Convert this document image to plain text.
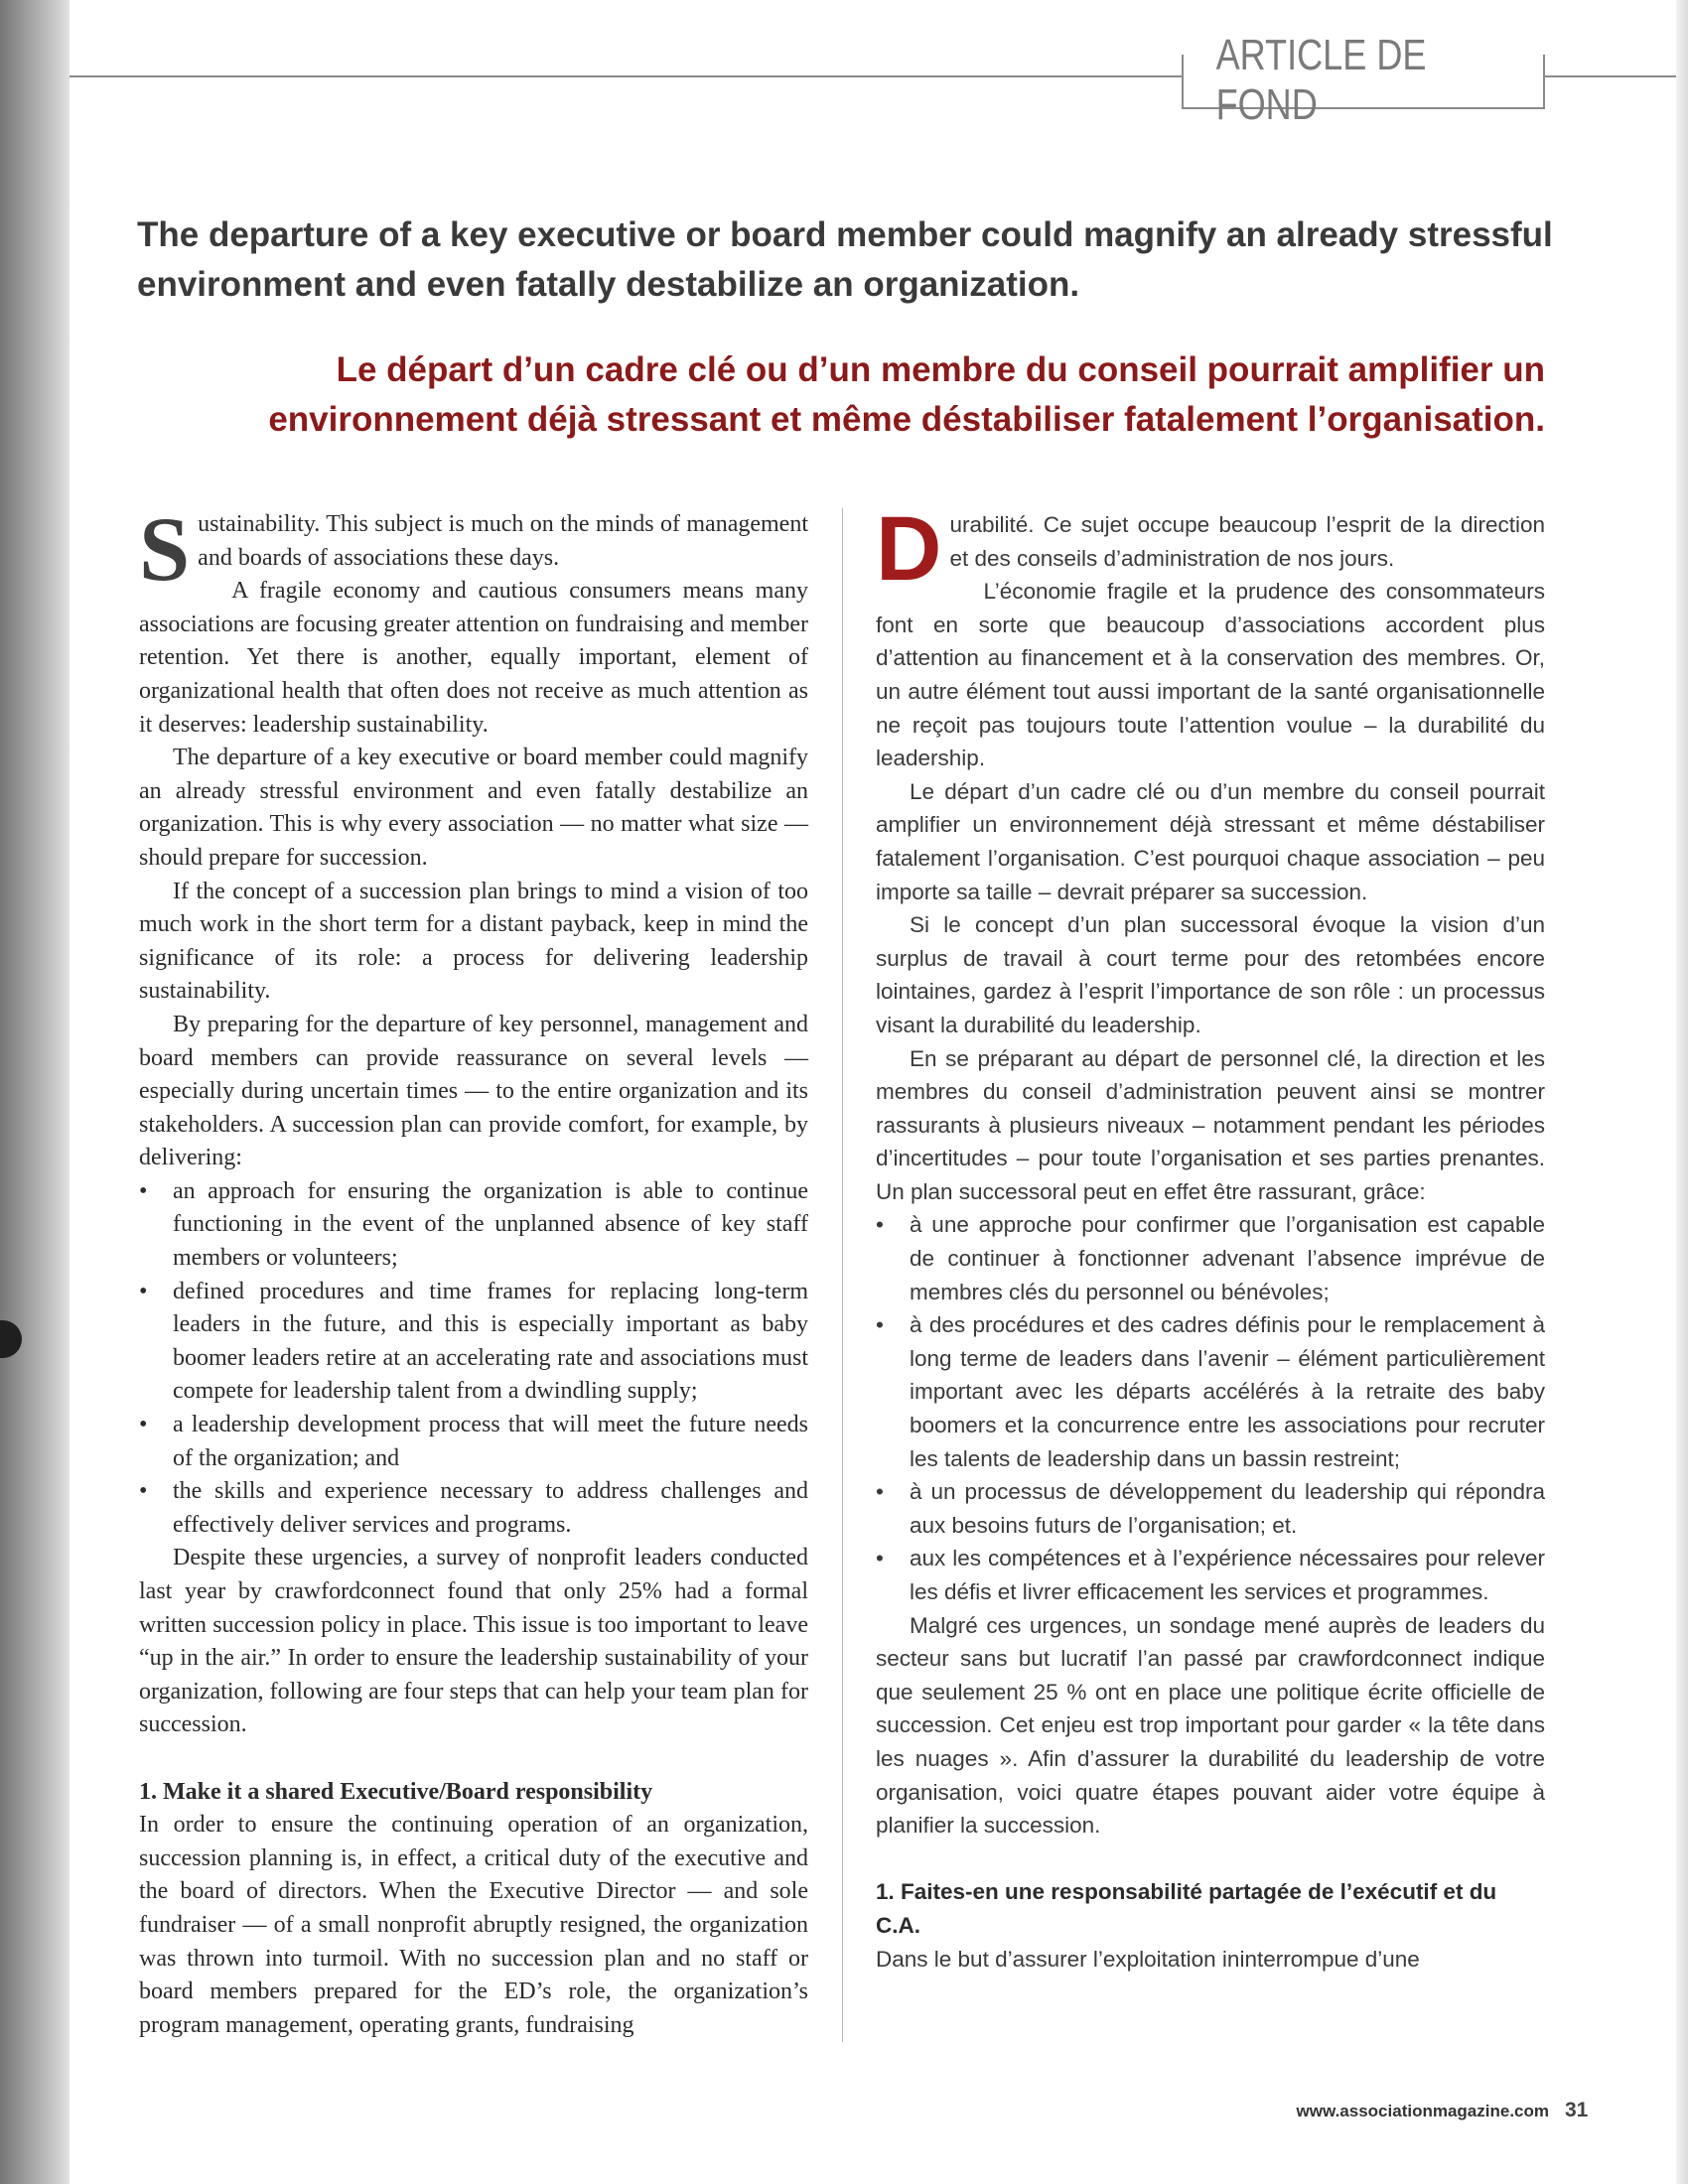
ARTICLE DE FOND
The departure of a key executive or board member could magnify an already stressful environment and even fatally destabilize an organization.
Le départ d’un cadre clé ou d’un membre du conseil pourrait amplifier un environnement déjà stressant et même déstabiliser fatalement l’organisation.

Sustainability. This subject is much on the minds of management and boards of associations these days.

A fragile economy and cautious consumers means many associations are focusing greater attention on fundraising and member retention. Yet there is another, equally important, element of organizational health that often does not receive as much attention as it deserves: leadership sustainability.

The departure of a key executive or board member could magnify an already stressful environment and even fatally destabilize an organization. This is why every association — no matter what size — should prepare for succession.

If the concept of a succession plan brings to mind a vision of too much work in the short term for a distant payback, keep in mind the significance of its role: a process for delivering leadership sustainability.

By preparing for the departure of key personnel, management and board members can provide reassurance on several levels — especially during uncertain times — to the entire organization and its stakeholders. A succession plan can provide comfort, for example, by delivering:

• an approach for ensuring the organization is able to continue functioning in the event of the unplanned absence of key staff members or volunteers;
• defined procedures and time frames for replacing long-term leaders in the future, and this is especially important as baby boomer leaders retire at an accelerating rate and associations must compete for leadership talent from a dwindling supply;
• a leadership development process that will meet the future needs of the organization; and
• the skills and experience necessary to address challenges and effectively deliver services and programs.

Despite these urgencies, a survey of nonprofit leaders conducted last year by crawfordconnect found that only 25% had a formal written succession policy in place. This issue is too important to leave “up in the air.” In order to ensure the leadership sustainability of your organization, following are four steps that can help your team plan for succession.

1. Make it a shared Executive/Board responsibility

In order to ensure the continuing operation of an organization, succession planning is, in effect, a critical duty of the executive and the board of directors. When the Executive Director — and sole fundraiser — of a small nonprofit abruptly resigned, the organization was thrown into turmoil. With no succession plan and no staff or board members prepared for the ED’s role, the organization’s program management, operating grants, fundraising

Durabilité. Ce sujet occupe beaucoup l’esprit de la direction et des conseils d’administration de nos jours.

L’économie fragile et la prudence des consommateurs font en sorte que beaucoup d’associations accordent plus d’attention au financement et à la conservation des membres. Or, un autre élément tout aussi important de la santé organisationnelle ne reçoit pas toujours toute l’attention voulue – la durabilité du leadership.

Le départ d’un cadre clé ou d’un membre du conseil pourrait amplifier un environnement déjà stressant et même déstabiliser fatalement l’organisation. C’est pourquoi chaque association – peu importe sa taille – devrait préparer sa succession.

Si le concept d’un plan successoral évoque la vision d’un surplus de travail à court terme pour des retombées encore lointaines, gardez à l’esprit l’importance de son rôle : un processus visant la durabilité du leadership.

En se préparant au départ de personnel clé, la direction et les membres du conseil d’administration peuvent ainsi se montrer rassurants à plusieurs niveaux – notamment pendant les périodes d’incertitudes – pour toute l’organisation et ses parties prenantes. Un plan successoral peut en effet être rassurant, grâce:

• à une approche pour confirmer que l’organisation est capable de continuer à fonctionner advenant l’absence imprévue de membres clés du personnel ou bénévoles;
• à des procédures et des cadres définis pour le remplacement à long terme de leaders dans l’avenir – élément particulièrement important avec les départs accélérés à la retraite des baby boomers et la concurrence entre les associations pour recruter les talents de leadership dans un bassin restreint;
• à un processus de développement du leadership qui répondra aux besoins futurs de l’organisation; et.
• aux les compétences et à l’expérience nécessaires pour relever les défis et livrer efficacement les services et programmes.

Malgré ces urgences, un sondage mené auprès de leaders du secteur sans but lucratif l’an passé par crawfordconnect indique que seulement 25 % ont en place une politique écrite officielle de succession. Cet enjeu est trop important pour garder « la tête dans les nuages ». Afin d’assurer la durabilité du leadership de votre organisation, voici quatre étapes pouvant aider votre équipe à planifier la succession.

1. Faites-en une responsabilité partagée de l’exécutif et du C.A.

Dans le but d’assurer l’exploitation ininterrompue d’une

www.associationmagazine.com 31
